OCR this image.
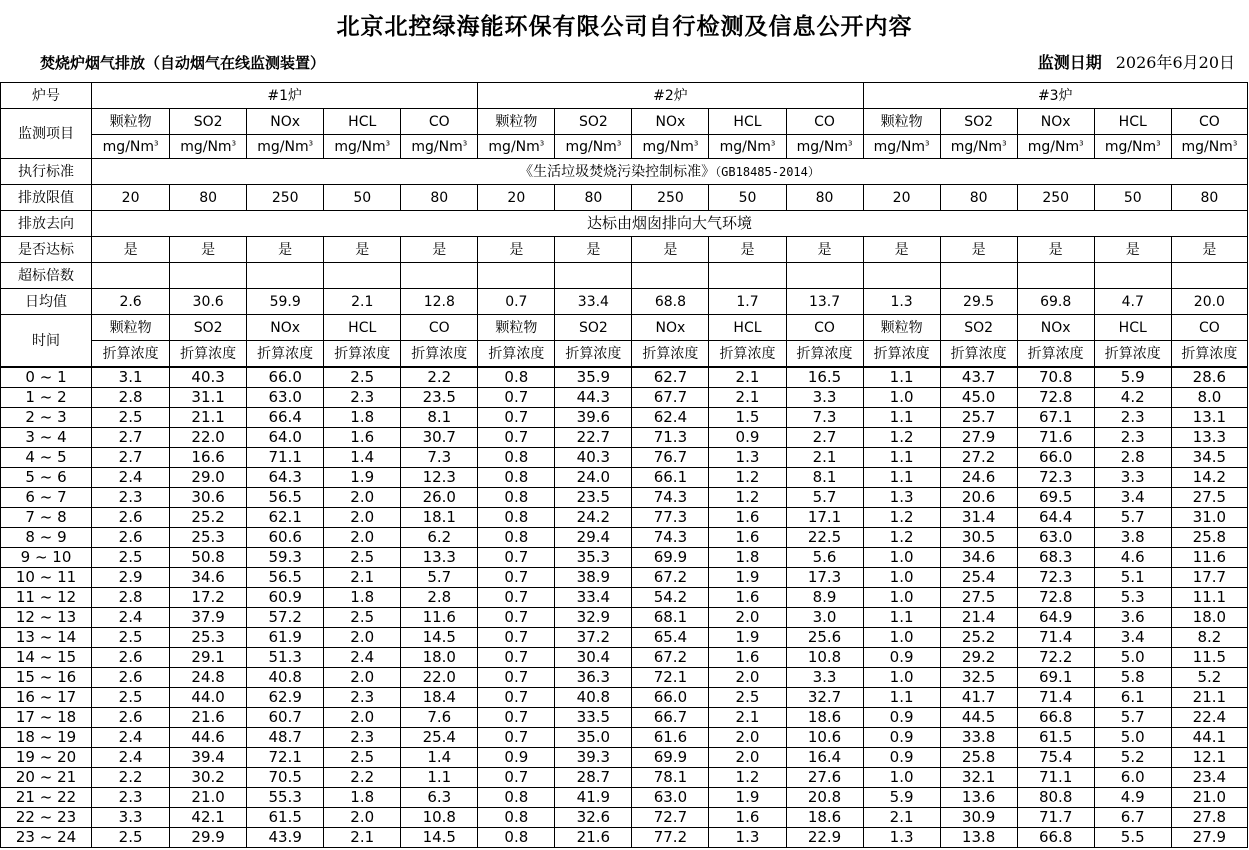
北京北控绿海能环保有限公司自行检测及信息公开内容
焚烧炉烟气排放（自动烟气在线监测装置）	监测日期 2026年6月20日
炉号	#1炉					#2炉					#3炉				
监测项目	颗粒物	SO2	NOx	HCL	CO	颗粒物	SO2	NOx	HCL	CO	颗粒物	SO2	NOx	HCL	CO
	mg/Nm$^3$	mg/Nm$^3$	mg/Nm$^3$	mg/Nm$^3$	mg/Nm$^3$	mg/Nm$^3$	mg/Nm$^3$	mg/Nm$^3$	mg/Nm$^3$	mg/Nm$^3$	mg/Nm$^3$	mg/Nm$^3$	mg/Nm$^3$	mg/Nm$^3$	mg/Nm$^3$
执行标准	《生活垃圾焚烧污染控制标准》（GB18485-2014）														
排放限值	20	80	250	50	80	20	80	250	50	80	20	80	250	50	80
排放去向	达标由烟囱排向大气环境														
是否达标	是	是	是	是	是	是	是	是	是	是	是	是	是	是	是
超标倍数															
日均值	2.6	30.6	59.9	2.1	12.8	0.7	33.4	68.8	1.7	13.7	1.3	29.5	69.8	4.7	20.0
时间	颗粒物	SO2	NOx	HCL	CO	颗粒物	SO2	NOx	HCL	CO	颗粒物	SO2	NOx	HCL	CO
	折算浓度	折算浓度	折算浓度	折算浓度	折算浓度	折算浓度	折算浓度	折算浓度	折算浓度	折算浓度	折算浓度	折算浓度	折算浓度	折算浓度	折算浓度
0 ~ 1	3.1	40.3	66.0	2.5	2.2	0.8	35.9	62.7	2.1	16.5	1.1	43.7	70.8	5.9	28.6
1 ~ 2	2.8	31.1	63.0	2.3	23.5	0.7	44.3	67.7	2.1	3.3	1.0	45.0	72.8	4.2	8.0
2 ~ 3	2.5	21.1	66.4	1.8	8.1	0.7	39.6	62.4	1.5	7.3	1.1	25.7	67.1	2.3	13.1
3 ~ 4	2.7	22.0	64.0	1.6	30.7	0.7	22.7	71.3	0.9	2.7	1.2	27.9	71.6	2.3	13.3
4 ~ 5	2.7	16.6	71.1	1.4	7.3	0.8	40.3	76.7	1.3	2.1	1.1	27.2	66.0	2.8	34.5
5 ~ 6	2.4	29.0	64.3	1.9	12.3	0.8	24.0	66.1	1.2	8.1	1.1	24.6	72.3	3.3	14.2
6 ~ 7	2.3	30.6	56.5	2.0	26.0	0.8	23.5	74.3	1.2	5.7	1.3	20.6	69.5	3.4	27.5
7 ~ 8	2.6	25.2	62.1	2.0	18.1	0.8	24.2	77.3	1.6	17.1	1.2	31.4	64.4	5.7	31.0
8 ~ 9	2.6	25.3	60.6	2.0	6.2	0.8	29.4	74.3	1.6	22.5	1.2	30.5	63.0	3.8	25.8
9 ~ 10	2.5	50.8	59.3	2.5	13.3	0.7	35.3	69.9	1.8	5.6	1.0	34.6	68.3	4.6	11.6
10 ~ 11	2.9	34.6	56.5	2.1	5.7	0.7	38.9	67.2	1.9	17.3	1.0	25.4	72.3	5.1	17.7
11 ~ 12	2.8	17.2	60.9	1.8	2.8	0.7	33.4	54.2	1.6	8.9	1.0	27.5	72.8	5.3	11.1
12 ~ 13	2.4	37.9	57.2	2.5	11.6	0.7	32.9	68.1	2.0	3.0	1.1	21.4	64.9	3.6	18.0
13 ~ 14	2.5	25.3	61.9	2.0	14.5	0.7	37.2	65.4	1.9	25.6	1.0	25.2	71.4	3.4	8.2
14 ~ 15	2.6	29.1	51.3	2.4	18.0	0.7	30.4	67.2	1.6	10.8	0.9	29.2	72.2	5.0	11.5
15 ~ 16	2.6	24.8	40.8	2.0	22.0	0.7	36.3	72.1	2.0	3.3	1.0	32.5	69.1	5.8	5.2
16 ~ 17	2.5	44.0	62.9	2.3	18.4	0.7	40.8	66.0	2.5	32.7	1.1	41.7	71.4	6.1	21.1
17 ~ 18	2.6	21.6	60.7	2.0	7.6	0.7	33.5	66.7	2.1	18.6	0.9	44.5	66.8	5.7	22.4
18 ~ 19	2.4	44.6	48.7	2.3	25.4	0.7	35.0	61.6	2.0	10.6	0.9	33.8	61.5	5.0	44.1
19 ~ 20	2.4	39.4	72.1	2.5	1.4	0.9	39.3	69.9	2.0	16.4	0.9	25.8	75.4	5.2	12.1
20 ~ 21	2.2	30.2	70.5	2.2	1.1	0.7	28.7	78.1	1.2	27.6	1.0	32.1	71.1	6.0	23.4
21 ~ 22	2.3	21.0	55.3	1.8	6.3	0.8	41.9	63.0	1.9	20.8	5.9	13.6	80.8	4.9	21.0
22 ~ 23	3.3	42.1	61.5	2.0	10.8	0.8	32.6	72.7	1.6	18.6	2.1	30.9	71.7	6.7	27.8
23 ~ 24	2.5	29.9	43.9	2.1	14.5	0.8	21.6	77.2	1.3	22.9	1.3	13.8	66.8	5.5	27.9
